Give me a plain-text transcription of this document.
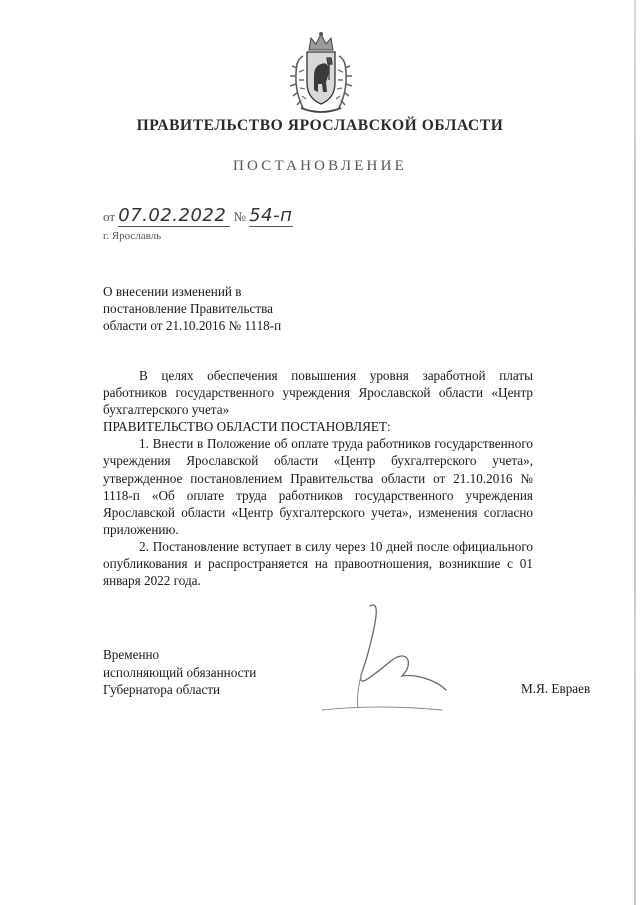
ПРАВИТЕЛЬСТВО ЯРОСЛАВСКОЙ ОБЛАСТИ
ПОСТАНОВЛЕНИЕ
от 07.02.2022 № 54-п
г. Ярославль
О внесении изменений в
постановление Правительства
области от 21.10.2016 № 1118-п

В целях обеспечения повышения уровня заработной платы работников государственного учреждения Ярославской области «Центр бухгалтерского учета»

ПРАВИТЕЛЬСТВО ОБЛАСТИ ПОСТАНОВЛЯЕТ:

1. Внести в Положение об оплате труда работников государственного учреждения Ярославской области «Центр бухгалтерского учета», утвержденное постановлением Правительства области от 21.10.2016 № 1118-п «Об оплате труда работников государственного учреждения Ярославской области «Центр бухгалтерского учета», изменения согласно приложению.

2. Постановление вступает в силу через 10 дней после официального опубликования и распространяется на правоотношения, возникшие с 01 января 2022 года.

Временно
исполняющий обязанности
Губернатора области	М.Я. Евраев
